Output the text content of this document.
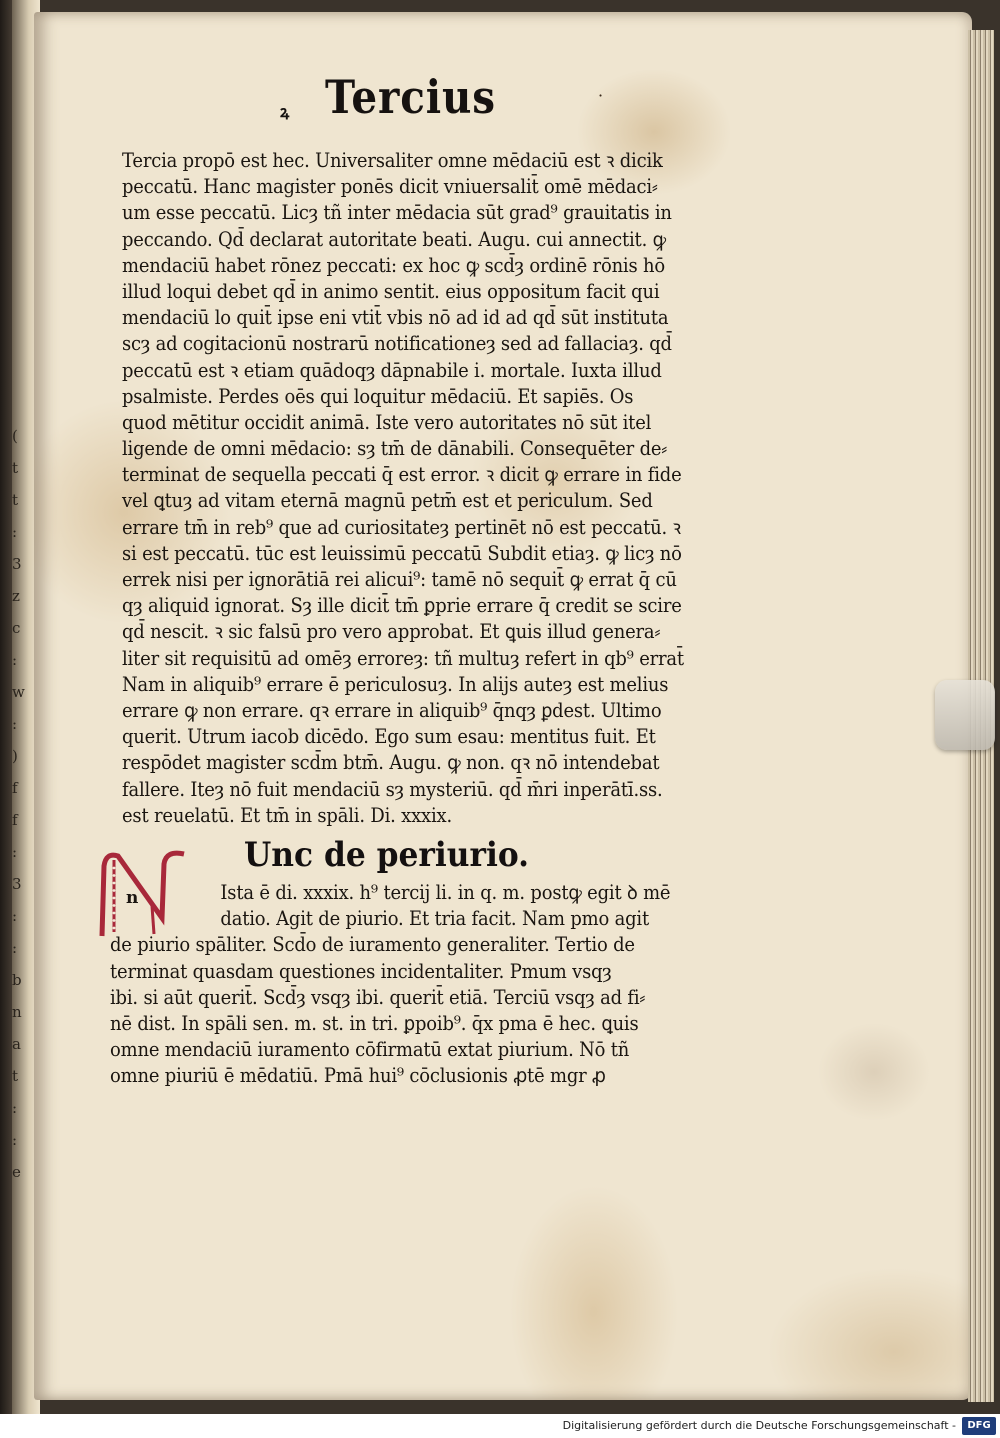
(
t
t
:
3
z
c
:
w
:
)
f
f
:
3
:
:
b
n
a
t
:
:
e
ꝝ Tercius	·
Tercia propō est hec. Universaliter omne mēdaciū est ꝛ dicik
peccatū. Hanc magister ponēs dicit vniuersalit̄ omē mēdaci⸗
um esse peccatū. Licȝ tñ inter mēdacia sūt grad⁹ grauitatis in
peccando. Qd̄ declarat autoritate beati. Augu. cui annectit. ꝙ
mendaciū habet rōnez peccati: ex hoc ꝙ scd̄ȝ ordinē rōnis hō
illud loqui debet qd̄ in animo sentit. eius oppositum facit qui
mendaciū lo quit̄ ipse eni vtit̄ vbis nō ad id ad qd̄ sūt instituta
scȝ ad cogitacionū nostrarū notificationeȝ sed ad fallaciaȝ. qd̄
peccatū est ꝛ etiam quādoqȝ dāpnabile i. mortale. Iuxta illud
psalmiste. Perdes oēs qui loquitur mēdaciū. Et sapiēs. Os
quod mētitur occidit animā. Iste vero autoritates nō sūt itel
ligende de omni mēdacio: sȝ tm̄ de dānabili. Consequēter de⸗
terminat de sequella peccati q̄ est error. ꝛ dicit ꝙ errare in fide
vel ꝗtuȝ ad vitam eternā magnū petm̄ est et periculum. Sed
errare tm̄ in reb⁹ que ad curiositateȝ pertinēt nō est peccatū. ꝛ
si est peccatū. tūc est leuissimū peccatū Subdit etiaȝ. ꝙ licȝ nō
errek nisi per ignorātiā rei alicui⁹: tamē nō sequit̄ ꝙ errat q̄ cū
qȝ aliquid ignorat. Sȝ ille dicit̄ tm̄ ꝑprie errare q̄ credit se scire
qd̄ nescit. ꝛ sic falsū pro vero approbat. Et ꝗuis illud genera⸗
liter sit requisitū ad omēȝ erroreȝ: tñ multuȝ refert in qb⁹ errat̄
Nam in aliquib⁹ errare ē periculosuȝ. In alijs auteȝ est melius
errare ꝙ non errare. qꝛ errare in aliquib⁹ q̄nqȝ ꝑdest. Ultimo
querit. Utrum iacob dicēdo. Ego sum esau: mentitus fuit. Et
respōdet magister scd̄m btm̄. Augu. ꝙ non. qꝛ nō intendebat
fallere. Iteȝ nō fuit mendaciū sȝ mysteriū. qd̄ m̄ri inperātī.ss.
est reuelatū. Et tm̄ in spāli. Di. xxxix.
n
Unc de periurio.
Ista ē di. xxxix. h⁹ tercij li. in q. m. postꝙ egit ꝺ mē
datio. Agit de piurio. Et tria facit. Nam pmo agit
de piurio spāliter. Scd̄o de iuramento generaliter. Tertio de
terminat quasdam questiones incidentaliter. Pmum vsqȝ
ibi. si aūt querit̄. Scd̄ȝ vsqȝ ibi. querit̄ etiā. Terciū vsqȝ ad fi⸗
nē dist. In spāli sen. m. st. in tri. ꝑpoib⁹. q̄x pma ē hec. ꝗuis
omne mendaciū iuramento cōfirmatū extat piurium. Nō tñ
omne piuriū ē mēdatiū. Pmā hui⁹ cōclusionis ꝓtē mgr ꝓ
Digitalisierung gefördert durch die Deutsche Forschungsgemeinschaft -	DFG
